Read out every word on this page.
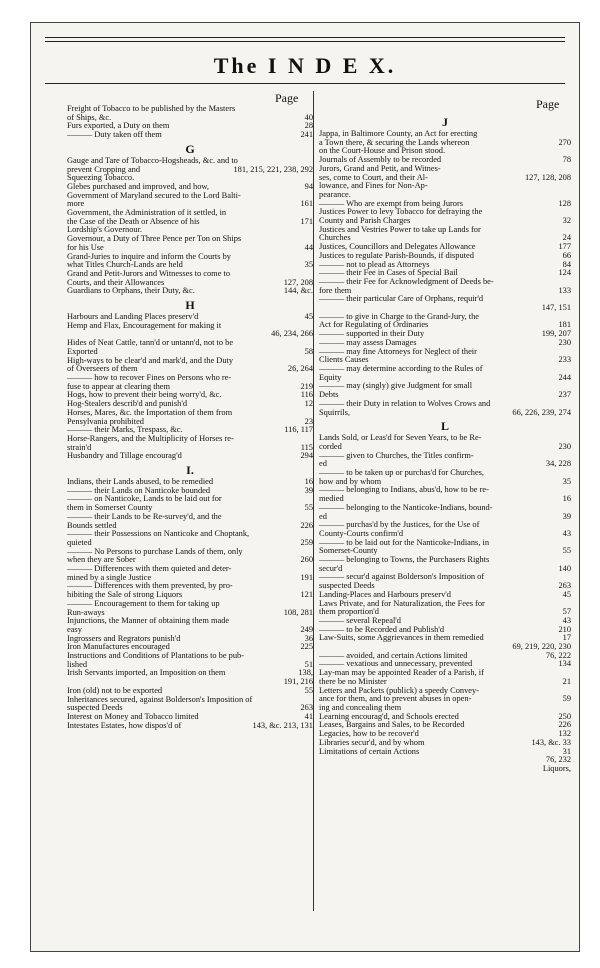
The I N D E X.
Page	Page
Freight of Tobacco to be published by the Masters
of Ships, &c.	40
Furs exported, a Duty on them	28
——— Duty taken off them	241
G
Gauge and Tare of Tobacco-Hogsheads, &c. and to
prevent Cropping and	181, 215, 221, 238, 292
Squeezing Tobacco.
Glebes purchased and improved, and how,	94
Government of Maryland secured to the Lord Balti-
more	161
Government, the Administration of it settled, in
the Case of the Death or Absence of his	171
Lordship's Governour.
Governour, a Duty of Three Pence per Ton on Ships
for his Use	44
Grand-Juries to inquire and inform the Courts by
what Titles Church-Lands are held	35
Grand and Petit-Jurors and Witnesses to come to
Courts, and their Allowances	127, 208
Guardians to Orphans, their Duty, &c.	144, &c.
H
Harbours and Landing Places preserv'd	45
Hemp and Flax, Encouragement for making it
46, 234, 266
Hides of Neat Cattle, tann'd or untann'd, not to be
Exported	58
High-ways to be clear'd and mark'd, and the Duty
of Overseers of them	26, 264
——— how to recover Fines on Persons who re-
fuse to appear at clearing them	219
Hogs, how to prevent their being worry'd, &c.	116
Hog-Stealers describ'd and punish'd	12
Horses, Mares, &c. the Importation of them from
Pensylvania prohibited	23
——— their Marks, Trespass, &c.	116, 117
Horse-Rangers, and the Multiplicity of Horses re-
strain'd	115
Husbandry and Tillage encourag'd	294
I.
Indians, their Lands abused, to be remedied	16
——— their Lands on Nanticoke bounded	39
——— on Nanticoke, Lands to be laid out for
them in Somerset County	55
——— their Lands to be Re-survey'd, and the
Bounds settled	226
——— their Possessions on Nanticoke and Choptank,
quieted	259
——— No Persons to purchase Lands of them, only
when they are Sober	260
——— Differences with them quieted and deter-
mined by a single Justice	191
——— Differences with them prevented, by pro-
hibiting the Sale of strong Liquors	121
——— Encouragement to them for taking up
Run-aways	108, 281
Injunctions, the Manner of obtaining them made
easy	249
Ingrossers and Regrators punish'd	36
Iron Manufactures encouraged	225
Instructions and Conditions of Plantations to be pub-
lished	51
Irish Servants imported, an Imposition on them	138,
191, 216
Iron (old) not to be exported	55
Inheritances secured, against Bolderson's Imposition of
suspected Deeds	263
Interest on Money and Tobacco limited	41
Intestates Estates, how dispos'd of	143, &c. 213, 131
J
Jappa, in Baltimore County, an Act for erecting
a Town there, & securing the Lands whereon	270
on the Court-House and Prison stood.
Journals of Assembly to be recorded	78
Jurors, Grand and Petit, and Witnes-
ses, come to Court, and their Al-	127, 128, 208
lowance, and Fines for Non-Ap-
pearance.
——— Who are exempt from being Jurors	128
Justices Power to levy Tobacco for defraying the
County and Parish Charges	32
Justices and Vestries Power to take up Lands for
Churches	24
Justices, Councillors and Delegates Allowance	177
Justices to regulate Parish-Bounds, if disputed	66
——— not to plead as Attorneys	84
——— their Fee in Cases of Special Bail	124
——— their Fee for Acknowledgment of Deeds be-
fore them	133
——— their particular Care of Orphans, requir'd
147, 151
——— to give in Charge to the Grand-Jury, the
Act for Regulating of Ordinaries	181
——— supported in their Duty	199, 207
——— may assess Damages	230
——— may fine Attorneys for Neglect of their
Clients Causes	233
——— may determine according to the Rules of
Equity	244
——— may (singly) give Judgment for small
Debts	237
——— their Duty in relation to Wolves Crows and
Squirrils,	66, 226, 239, 274
L
Lands Sold, or Leas'd for Seven Years, to be Re-
corded	230
——— given to Churches, the Titles confirm-
ed	34, 228
——— to be taken up or purchas'd for Churches,
how and by whom	35
——— belonging to Indians, abus'd, how to be re-
medied	16
——— belonging to the Nanticoke-Indians, bound-
ed	39
——— purchas'd by the Justices, for the Use of
County-Courts confirm'd	43
——— to be laid out for the Nanticoke-Indians, in
Somerset-County	55
——— belonging to Towns, the Purchasers Rights
secur'd	140
——— secur'd against Bolderson's Imposition of
suspected Deeds	263
Landing-Places and Harbours preserv'd	45
Laws Private, and for Naturalization, the Fees for
them proportion'd	57
——— several Repeal'd	43
——— to be Recorded and Publish'd	210
Law-Suits, some Aggrievances in them remedied	17
69, 219, 220, 230
——— avoided, and certain Actions limited	76, 222
——— vexatious and unnecessary, prevented	134
Lay-man may be appointed Reader of a Parish, if
there be no Minister	21
Letters and Packets (publick) a speedy Convey-
ance for them, and to prevent abuses in open-	59
ing and concealing them
Learning encourag'd, and Schools erected	250
Leases, Bargains and Sales, to be Recorded	226
Legacies, how to be recover'd	132
Libraries secur'd, and by whom	143, &c. 33
Limitations of certain Actions	31
76, 232
Liquors,
